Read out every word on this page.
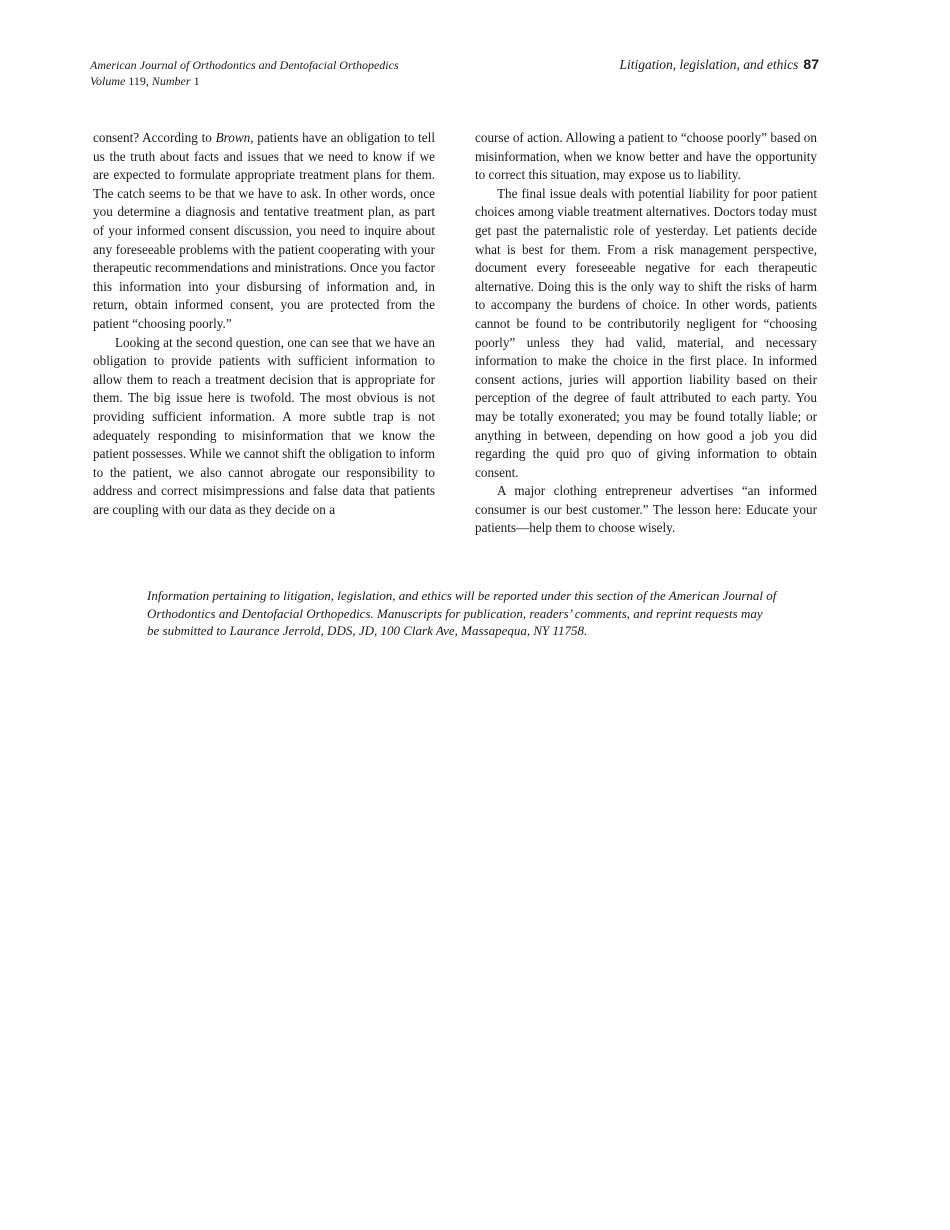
American Journal of Orthodontics and Dentofacial Orthopedics
Volume 119, Number 1
Litigation, legislation, and ethics 87

consent? According to Brown, patients have an obligation to tell us the truth about facts and issues that we need to know if we are expected to formulate appropriate treatment plans for them. The catch seems to be that we have to ask. In other words, once you determine a diagnosis and tentative treatment plan, as part of your informed consent discussion, you need to inquire about any foreseeable problems with the patient cooperating with your therapeutic recommendations and ministrations. Once you factor this information into your disbursing of information and, in return, obtain informed consent, you are protected from the patient “choosing poorly.”

Looking at the second question, one can see that we have an obligation to provide patients with sufficient information to allow them to reach a treatment decision that is appropriate for them. The big issue here is twofold. The most obvious is not providing sufficient information. A more subtle trap is not adequately responding to misinformation that we know the patient possesses. While we cannot shift the obligation to inform to the patient, we also cannot abrogate our responsibility to address and correct misimpressions and false data that patients are coupling with our data as they decide on a

course of action. Allowing a patient to “choose poorly” based on misinformation, when we know better and have the opportunity to correct this situation, may expose us to liability.

The final issue deals with potential liability for poor patient choices among viable treatment alternatives. Doctors today must get past the paternalistic role of yesterday. Let patients decide what is best for them. From a risk management perspective, document every foreseeable negative for each therapeutic alternative. Doing this is the only way to shift the risks of harm to accompany the burdens of choice. In other words, patients cannot be found to be contributorily negligent for “choosing poorly” unless they had valid, material, and necessary information to make the choice in the first place. In informed consent actions, juries will apportion liability based on their perception of the degree of fault attributed to each party. You may be totally exonerated; you may be found totally liable; or anything in between, depending on how good a job you did regarding the quid pro quo of giving information to obtain consent.

A major clothing entrepreneur advertises “an informed consumer is our best customer.” The lesson here: Educate your patients—help them to choose wisely.

Information pertaining to litigation, legislation, and ethics will be reported under this section of the American Journal of Orthodontics and Dentofacial Orthopedics. Manuscripts for publication, readers’ comments, and reprint requests may be submitted to Laurance Jerrold, DDS, JD, 100 Clark Ave, Massapequa, NY 11758.
